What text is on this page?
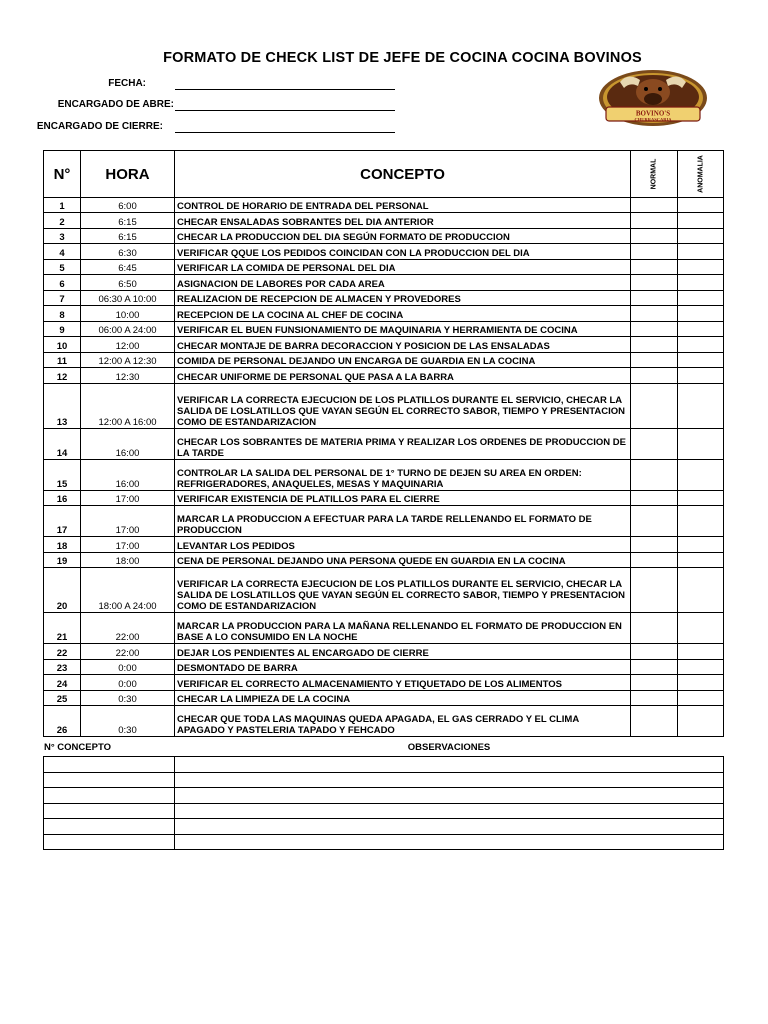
FORMATO DE CHECK LIST DE JEFE DE COCINA COCINA BOVINOS
FECHA:
ENCARGADO DE ABRE:
ENCARGADO DE CIERRE:
BOVINO'S
CHURRASCARIA
N°	HORA	CONCEPTO	NORMAL	ANOMALIA

1	6:00	CONTROL DE HORARIO DE ENTRADA DEL PERSONAL		
2	6:15	CHECAR ENSALADAS SOBRANTES DEL DIA ANTERIOR		
3	6:15	CHECAR LA PRODUCCION DEL DIA SEGÚN FORMATO DE PRODUCCION		
4	6:30	VERIFICAR QQUE LOS PEDIDOS COINCIDAN CON LA PRODUCCION DEL DIA		
5	6:45	VERIFICAR LA COMIDA DE PERSONAL DEL DIA		
6	6:50	ASIGNACION DE LABORES POR CADA AREA		
7	06:30 A 10:00	REALIZACION DE RECEPCION DE ALMACEN Y PROVEDORES		
8	10:00	RECEPCION DE LA COCINA AL CHEF DE COCINA		
9	06:00 A 24:00	VERIFICAR EL BUEN FUNSIONAMIENTO DE MAQUINARIA Y HERRAMIENTA DE COCINA		
10	12:00	CHECAR MONTAJE DE BARRA DECORACCION Y POSICION DE LAS ENSALADAS		
11	12:00 A 12:30	COMIDA DE PERSONAL DEJANDO UN ENCARGA DE GUARDIA EN LA COCINA		
12	12:30	CHECAR UNIFORME DE PERSONAL QUE PASA A LA BARRA		
13	12:00 A 16:00	VERIFICAR LA CORRECTA EJECUCION DE LOS PLATILLOS DURANTE EL SERVICIO, CHECAR LA SALIDA DE LOSLATILLOS QUE VAYAN SEGÚN EL CORRECTO SABOR, TIEMPO Y PRESENTACION COMO DE ESTANDARIZACION		
14	16:00	CHECAR LOS SOBRANTES DE MATERIA PRIMA Y REALIZAR LOS ORDENES DE PRODUCCION DE LA TARDE		
15	16:00	CONTROLAR LA SALIDA DEL PERSONAL DE 1° TURNO DE DEJEN SU AREA EN ORDEN: REFRIGERADORES, ANAQUELES, MESAS Y MAQUINARIA		
16	17:00	VERIFICAR EXISTENCIA DE PLATILLOS PARA EL CIERRE		
17	17:00	MARCAR LA PRODUCCION A EFECTUAR PARA LA TARDE RELLENANDO EL FORMATO DE PRODUCCION		
18	17:00	LEVANTAR LOS PEDIDOS		
19	18:00	CENA DE PERSONAL DEJANDO UNA PERSONA QUEDE EN GUARDIA EN LA COCINA		
20	18:00 A 24:00	VERIFICAR LA CORRECTA EJECUCION DE LOS PLATILLOS DURANTE EL SERVICIO, CHECAR LA SALIDA DE LOSLATILLOS QUE VAYAN SEGÚN EL CORRECTO SABOR, TIEMPO Y PRESENTACION COMO DE ESTANDARIZACION		
21	22:00	MARCAR LA PRODUCCION PARA LA MAÑANA RELLENANDO EL FORMATO DE PRODUCCION EN BASE A LO CONSUMIDO EN LA NOCHE		
22	22:00	DEJAR LOS PENDIENTES AL ENCARGADO DE CIERRE		
23	0:00	DESMONTADO DE BARRA		
24	0:00	VERIFICAR EL CORRECTO ALMACENAMIENTO Y ETIQUETADO DE LOS ALIMENTOS		
25	0:30	CHECAR LA LIMPIEZA DE LA COCINA		
26	0:30	CHECAR QUE TODA LAS MAQUINAS QUEDA APAGADA, EL GAS CERRADO Y EL CLIMA APAGADO Y PASTELERIA TAPADO Y FEHCADO		
N° CONCEPTO	OBSERVACIONES
